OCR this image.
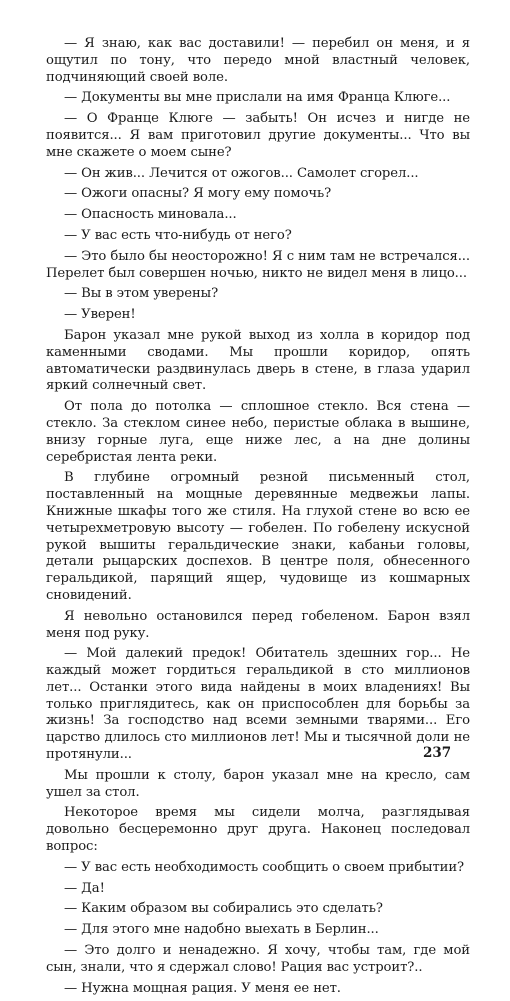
— Я знаю, как вас доставили! — перебил он меня, и я ощутил по тону, что передо мной властный человек, подчиняющий своей воле.

— Документы вы мне прислали на имя Франца Клюге...

— О Франце Клюге — забыть! Он исчез и нигде не появится... Я вам приготовил другие документы... Что вы мне скажете о моем сыне?

— Он жив... Лечится от ожогов... Самолет сгорел...

— Ожоги опасны? Я могу ему помочь?

— Опасность миновала...

— У вас есть что-нибудь от него?

— Это было бы неосторожно! Я с ним там не встречался... Перелет был совершен ночью, никто не видел меня в лицо...

— Вы в этом уверены?

— Уверен!

Барон указал мне рукой выход из холла в коридор под каменными сводами. Мы прошли коридор, опять автоматически раздвинулась дверь в стене, в глаза ударил яркий солнечный свет.

От пола до потолка — сплошное стекло. Вся стена — стекло. За стеклом синее небо, перистые облака в вышине, внизу горные луга, еще ниже лес, а на дне долины серебристая лента реки.

В глубине огромный резной письменный стол, поставленный на мощные деревянные медвежьи лапы. Книжные шкафы того же стиля. На глухой стене во всю ее четырехметровую высоту — гобелен. По гобелену искусной рукой вышиты геральдические знаки, кабаньи головы, детали рыцарских доспехов. В центре поля, обнесенного геральдикой, парящий ящер, чудовище из кошмарных сновидений.

Я невольно остановился перед гобеленом. Барон взял меня под руку.

— Мой далекий предок! Обитатель здешних гор... Не каждый может гордиться геральдикой в сто миллионов лет... Останки этого вида найдены в моих владениях! Вы только приглядитесь, как он приспособлен для борьбы за жизнь! За господство над всеми земными тварями... Его царство длилось сто миллионов лет! Мы и тысячной доли не протянули...

Мы прошли к столу, барон указал мне на кресло, сам ушел за стол.

Некоторое время мы сидели молча, разглядывая довольно бесцеремонно друг друга. Наконец последовал вопрос:

— У вас есть необходимость сообщить о своем прибытии?

— Да!

— Каким образом вы собирались это сделать?

— Для этого мне надобно выехать в Берлин...

— Это долго и ненадежно. Я хочу, чтобы там, где мой сын, знали, что я сдержал слово! Рация вас устроит?..

— Нужна мощная рация. У меня ее нет.

237
